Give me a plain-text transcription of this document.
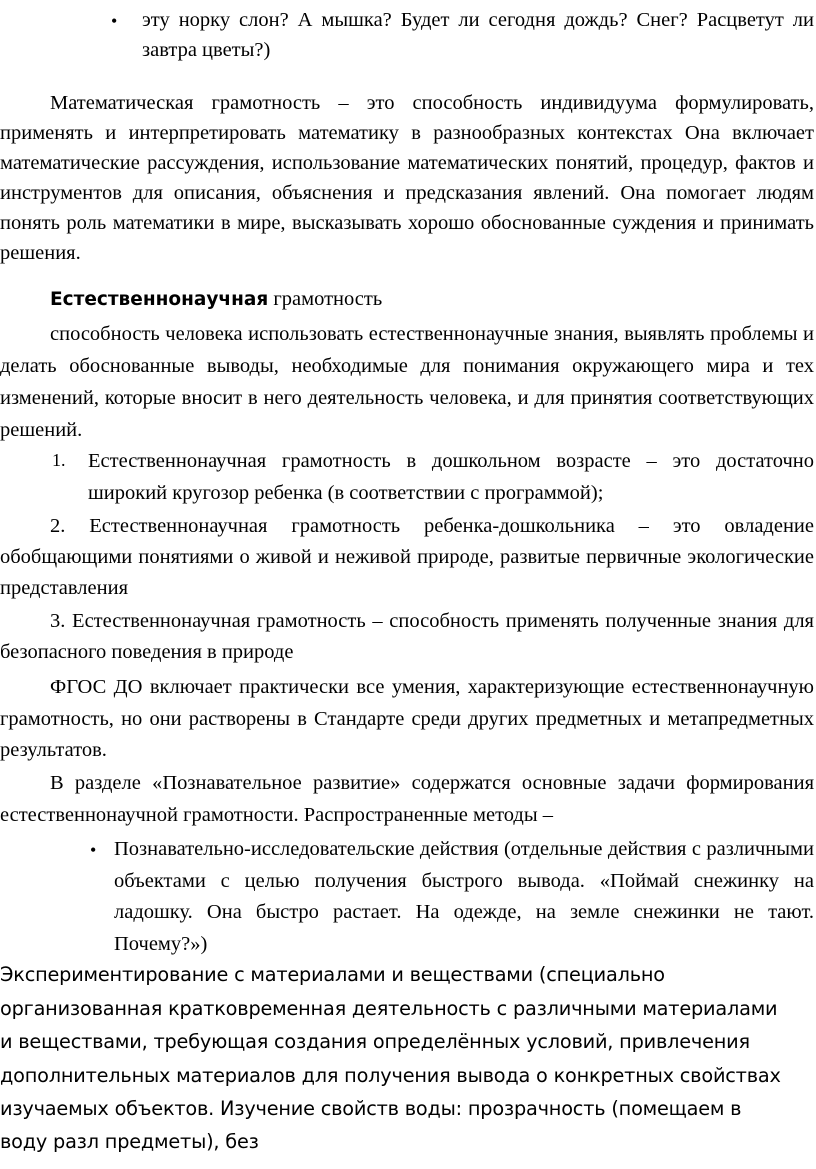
• эту норку слон? А мышка? Будет ли сегодня дождь? Снег? Расцветут ли завтра цветы?)

Математическая грамотность – это способность индивидуума формулировать, применять и интерпретировать математику в разнообразных контекстах Она включает математические рассуждения, использование математических понятий, процедур, фактов и инструментов для описания, объяснения и предсказания явлений. Она помогает людям понять роль математики в мире, высказывать хорошо обоснованные суждения и принимать решения.

Естественнонаучная грамотность

способность человека использовать естественнонаучные знания, выявлять проблемы и делать обоснованные выводы, необходимые для понимания окружающего мира и тех изменений, которые вносит в него деятельность человека, и для принятия соответствующих решений.

1. Естественнонаучная грамотность в дошкольном возрасте – это достаточно широкий кругозор ребенка (в соответствии с программой);

2. Естественнонаучная грамотность ребенка-дошкольника – это овладение обобщающими понятиями о живой и неживой природе, развитые первичные экологические представления

3. Естественнонаучная грамотность – способность применять полученные знания для безопасного поведения в природе

ФГОС ДО включает практически все умения, характеризующие естественнонаучную грамотность, но они растворены в Стандарте среди других предметных и метапредметных результатов.

В разделе «Познавательное развитие» содержатся основные задачи формирования естественнонаучной грамотности. Распространенные методы –

• Познавательно-исследовательские действия (отдельные действия с различными объектами с целью получения быстрого вывода. «Поймай снежинку на ладошку. Она быстро растает. На одежде, на земле снежинки не тают. Почему?»)

Экспериментирование с материалами и веществами (специально

организованная кратковременная деятельность с различными материалами

и веществами, требующая создания определённых условий, привлечения

дополнительных материалов для получения вывода о конкретных свойствах

изучаемых объектов. Изучение свойств воды: прозрачность (помещаем в

воду разл предметы), без
